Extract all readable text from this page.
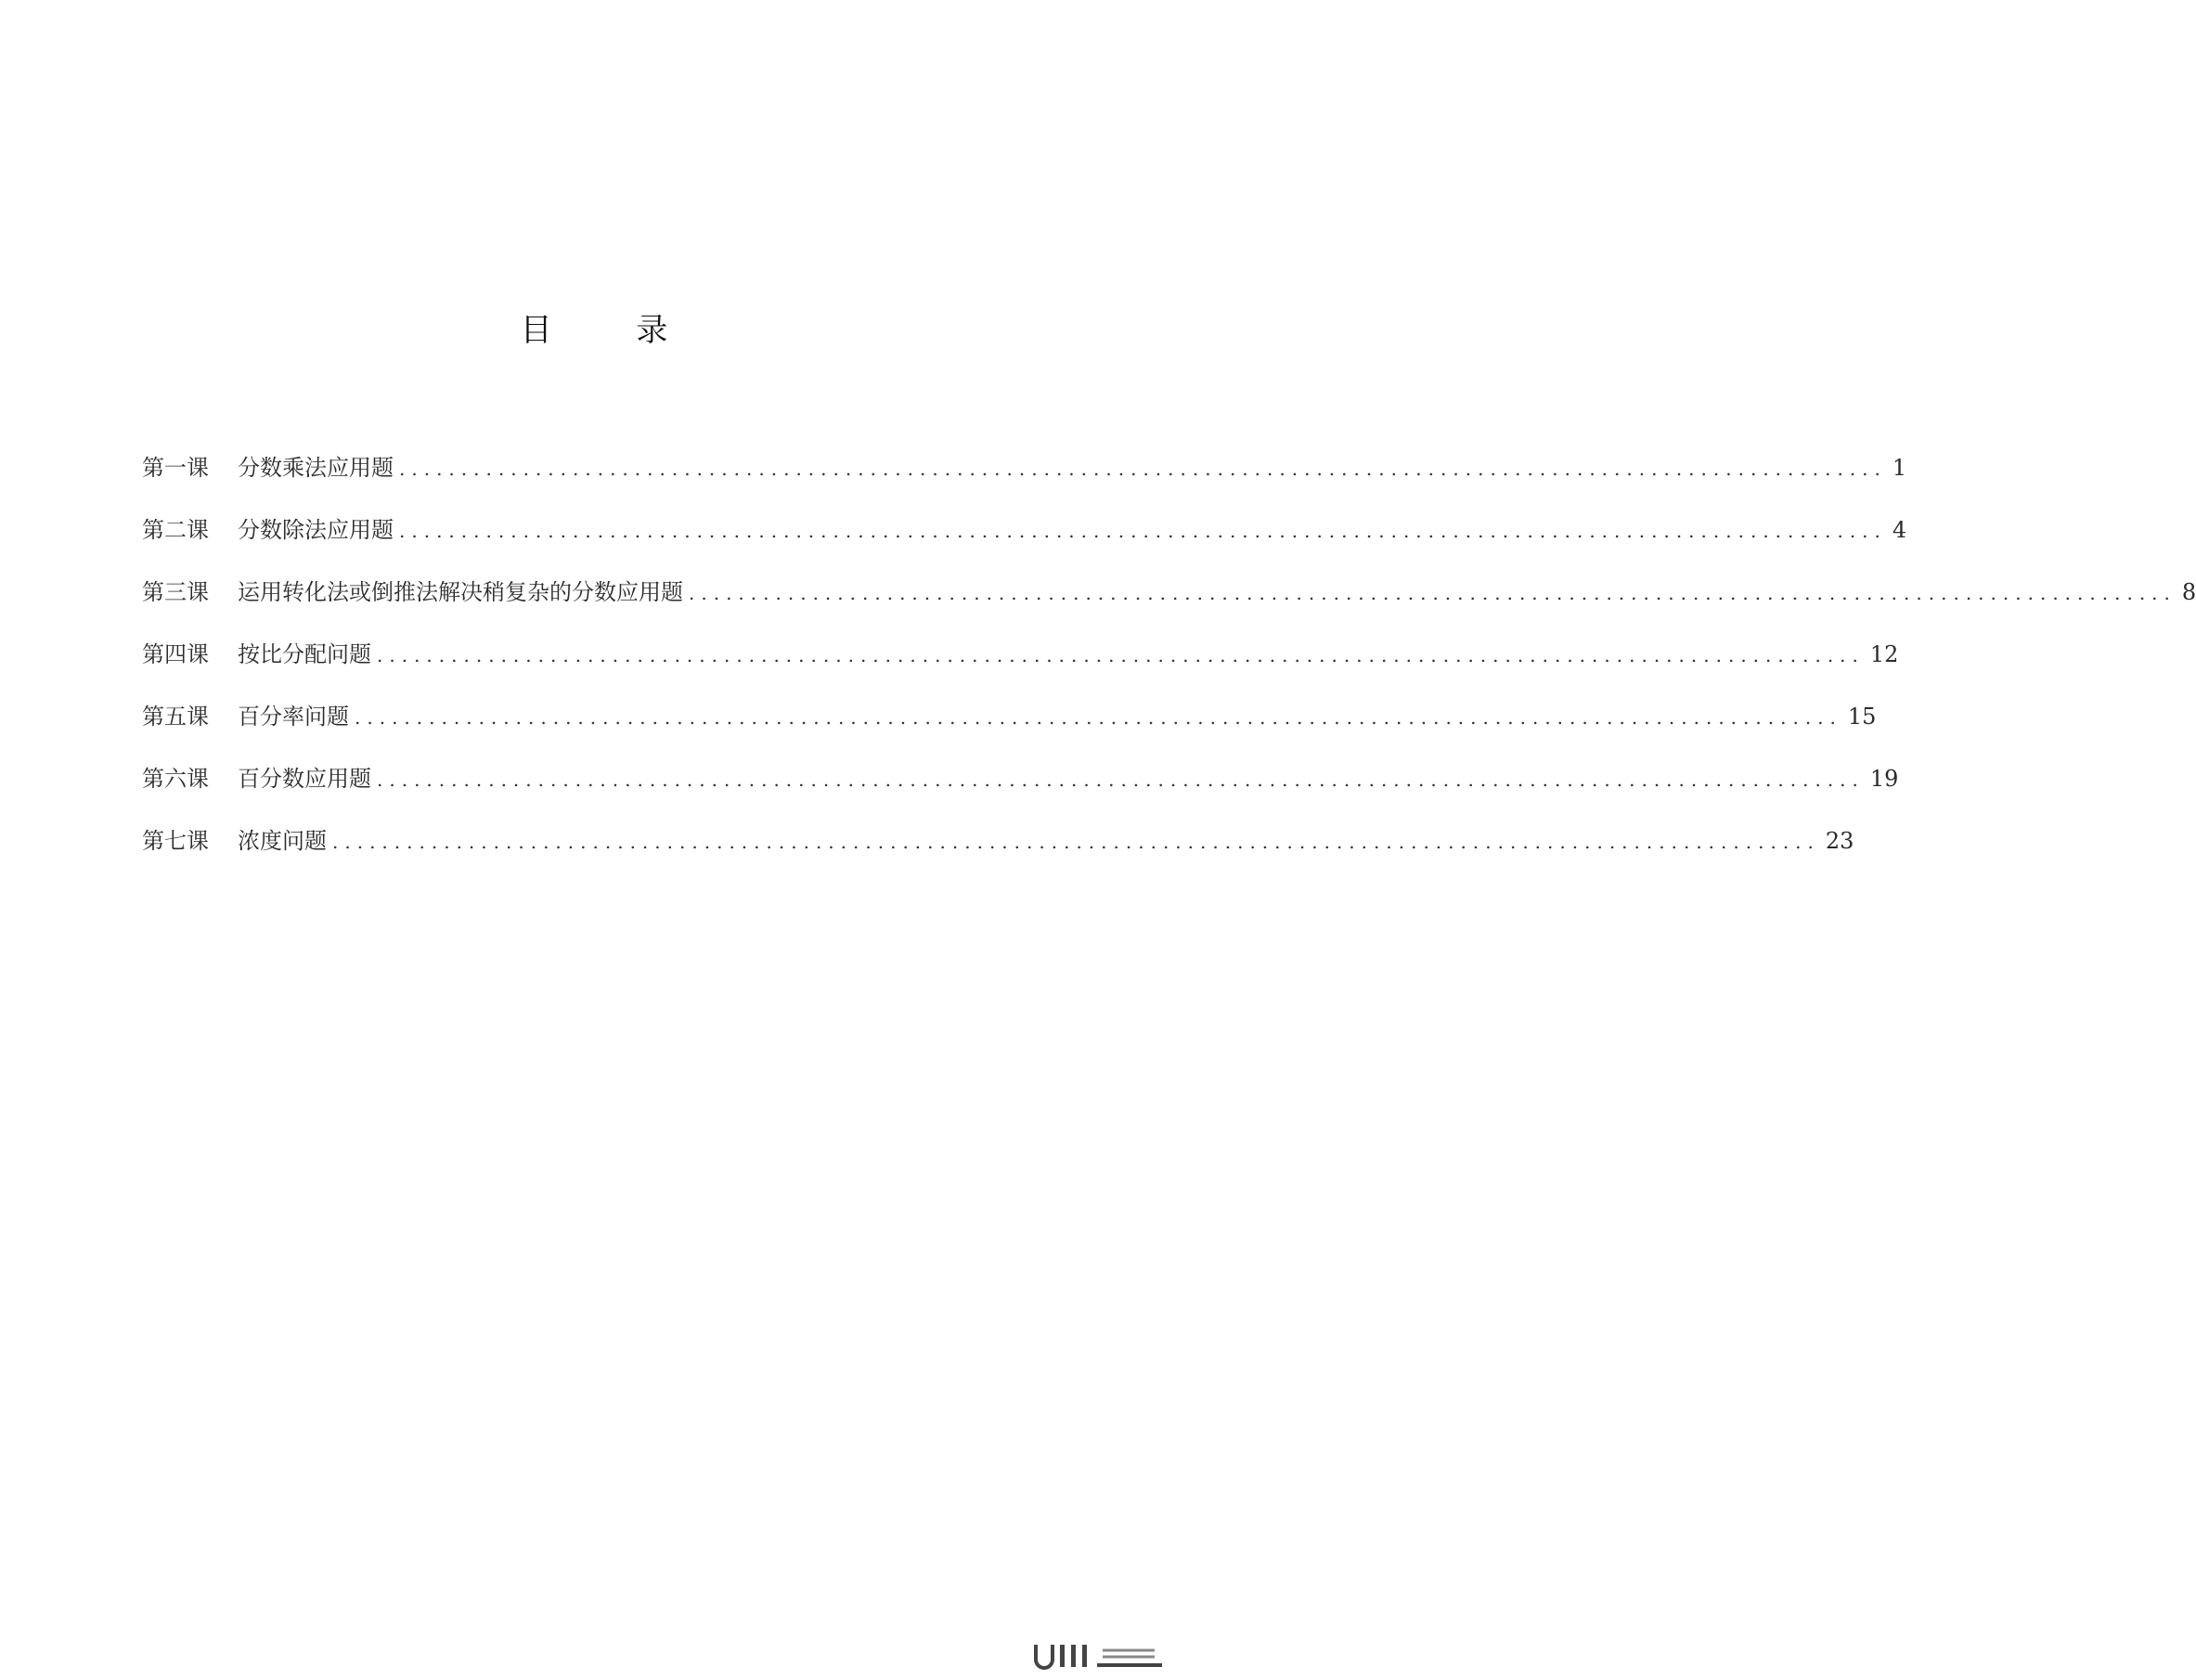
目 录
第一课	分数乘法应用题 ........................................................................................................................ 1
第二课	分数除法应用题 ........................................................................................................................ 4
第三课	运用转化法或倒推法解决稍复杂的分数应用题 ........................................................................................................................ 8
第四课	按比分配问题 ........................................................................................................................ 12
第五课	百分率问题 ........................................................................................................................ 15
第六课	百分数应用题 ........................................................................................................................ 19
第七课	浓度问题 ........................................................................................................................ 23
